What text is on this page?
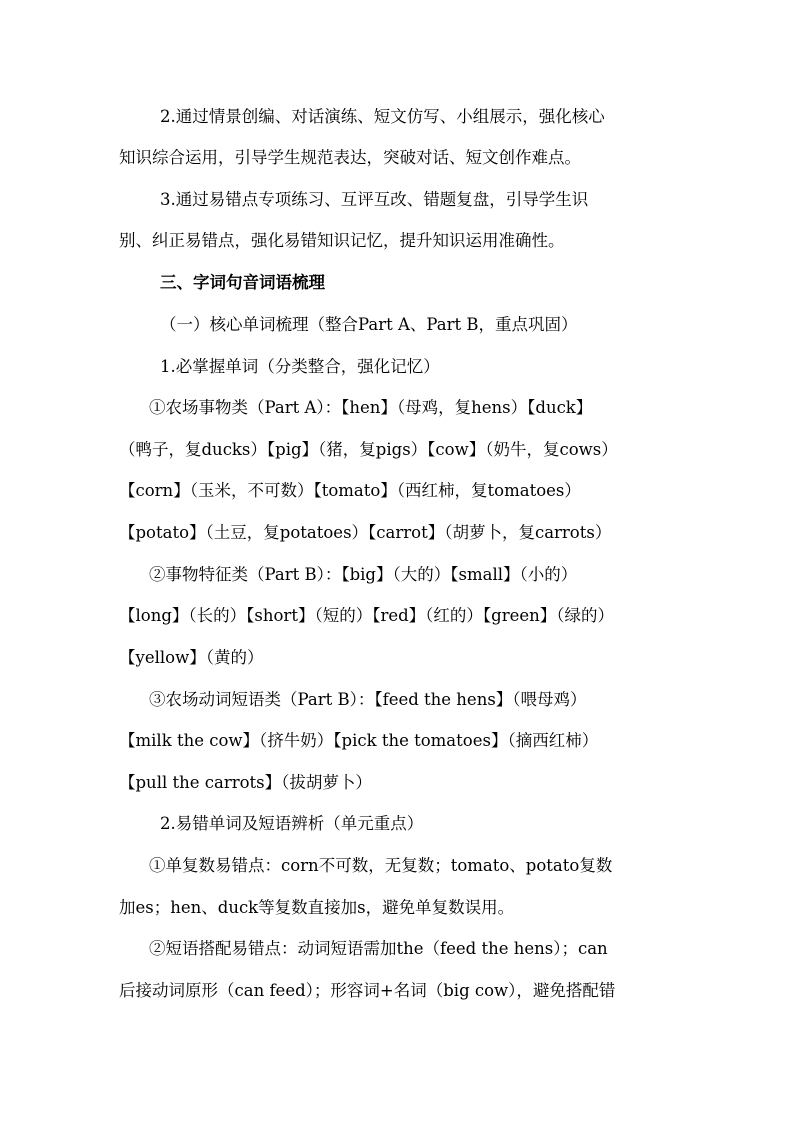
2.通过情景创编、对话演练、短文仿写、小组展示，强化核心
知识综合运用，引导学生规范表达，突破对话、短文创作难点。
3.通过易错点专项练习、互评互改、错题复盘，引导学生识
别、纠正易错点，强化易错知识记忆，提升知识运用准确性。
三、字词句音词语梳理
（一）核心单词梳理（整合Part A、Part B，重点巩固）
1.必掌握单词（分类整合，强化记忆）
①农场事物类（Part A）：【hen】（母鸡，复hens）【duck】
（鸭子，复ducks）【pig】（猪，复pigs）【cow】（奶牛，复cows）
【corn】（玉米，不可数）【tomato】（西红柿，复tomatoes）
【potato】（土豆，复potatoes）【carrot】（胡萝卜，复carrots）
②事物特征类（Part B）：【big】（大的）【small】（小的）
【long】（长的）【short】（短的）【red】（红的）【green】（绿的）
【yellow】（黄的）
③农场动词短语类（Part B）：【feed the hens】（喂母鸡）
【milk the cow】（挤牛奶）【pick the tomatoes】（摘西红柿）
【pull the carrots】（拔胡萝卜）
2.易错单词及短语辨析（单元重点）
①单复数易错点：corn不可数，无复数；tomato、potato复数
加es；hen、duck等复数直接加s，避免单复数误用。
②短语搭配易错点：动词短语需加the（feed the hens）；can
后接动词原形（can feed）；形容词+名词（big cow），避免搭配错
